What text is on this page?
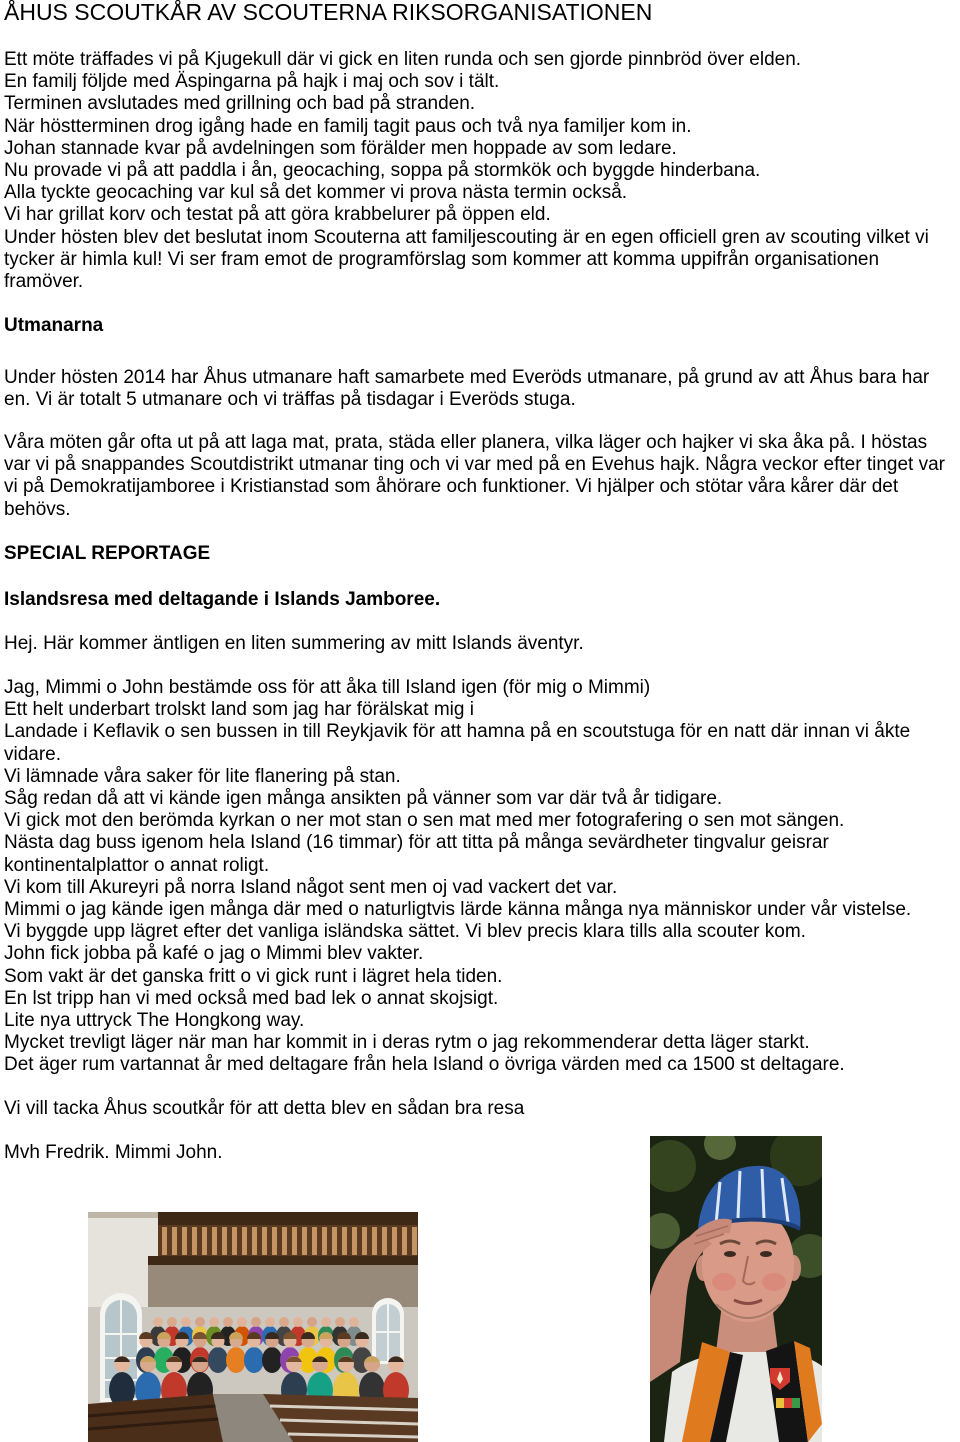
ÅHUS SCOUTKÅR AV SCOUTERNA RIKSORGANISATIONEN
Ett möte träffades vi på Kjugekull där vi gick en liten runda och sen gjorde pinnbröd över elden.
En familj följde med Äspingarna på hajk i maj och sov i tält.
Terminen avslutades med grillning och bad på stranden.
När höstterminen drog igång hade en familj tagit paus och två nya familjer kom in.
Johan stannade kvar på avdelningen som förälder men hoppade av som ledare.
Nu provade vi på att paddla i ån, geocaching, soppa på stormkök och byggde hinderbana.
Alla tyckte geocaching var kul så det kommer vi prova nästa termin också.
Vi har grillat korv och testat på att göra krabbelurer på öppen eld.
Under hösten blev det beslutat inom Scouterna att familjescouting är en egen officiell gren av scouting vilket vi
tycker är himla kul! Vi ser fram emot de programförslag som kommer att komma uppifrån organisationen
framöver.
Utmanarna
Under hösten 2014 har Åhus utmanare haft samarbete med Everöds utmanare, på grund av att Åhus bara har
en. Vi är totalt 5 utmanare och vi träffas på tisdagar i Everöds stuga.
Våra möten går ofta ut på att laga mat, prata, städa eller planera, vilka läger och hajker vi ska åka på. I höstas
var vi på snappandes Scoutdistrikt utmanar ting och vi var med på en Evehus hajk. Några veckor efter tinget var
vi på Demokratijamboree i Kristianstad som åhörare och funktioner. Vi hjälper och stötar våra kårer där det
behövs.
SPECIAL REPORTAGE
Islandsresa med deltagande i Islands Jamboree.
Hej. Här kommer äntligen en liten summering av mitt Islands äventyr.
Jag, Mimmi o John bestämde oss för att åka till Island igen (för mig o Mimmi)
Ett helt underbart trolskt land som jag har förälskat mig i
Landade i Keflavik o sen bussen in till Reykjavik för att hamna på en scoutstuga för en natt där innan vi åkte
vidare.
Vi lämnade våra saker för lite flanering på stan.
Såg redan då att vi kände igen många ansikten på vänner som var där två år tidigare.
Vi gick mot den berömda kyrkan o ner mot stan o sen mat med mer fotografering o sen mot sängen.
Nästa dag buss igenom hela Island (16 timmar) för att titta på många sevärdheter tingvalur geisrar
kontinentalplattor o annat roligt.
Vi kom till Akureyri på norra Island något sent men oj vad vackert det var.
Mimmi o jag kände igen många där med o naturligtvis lärde känna många nya människor under vår vistelse.
Vi byggde upp lägret efter det vanliga isländska sättet. Vi blev precis klara tills alla scouter kom.
John fick jobba på kafé o jag o Mimmi blev vakter.
Som vakt är det ganska fritt o vi gick runt i lägret hela tiden.
En lst tripp han vi med också med bad lek o annat skojsigt.
Lite nya uttryck The Hongkong way.
Mycket trevligt läger när man har kommit in i deras rytm o jag rekommenderar detta läger starkt.
Det äger rum vartannat år med deltagare från hela Island o övriga värden med ca 1500 st deltagare.
Vi vill tacka Åhus scoutkår för att detta blev en sådan bra resa
Mvh Fredrik. Mimmi John.
